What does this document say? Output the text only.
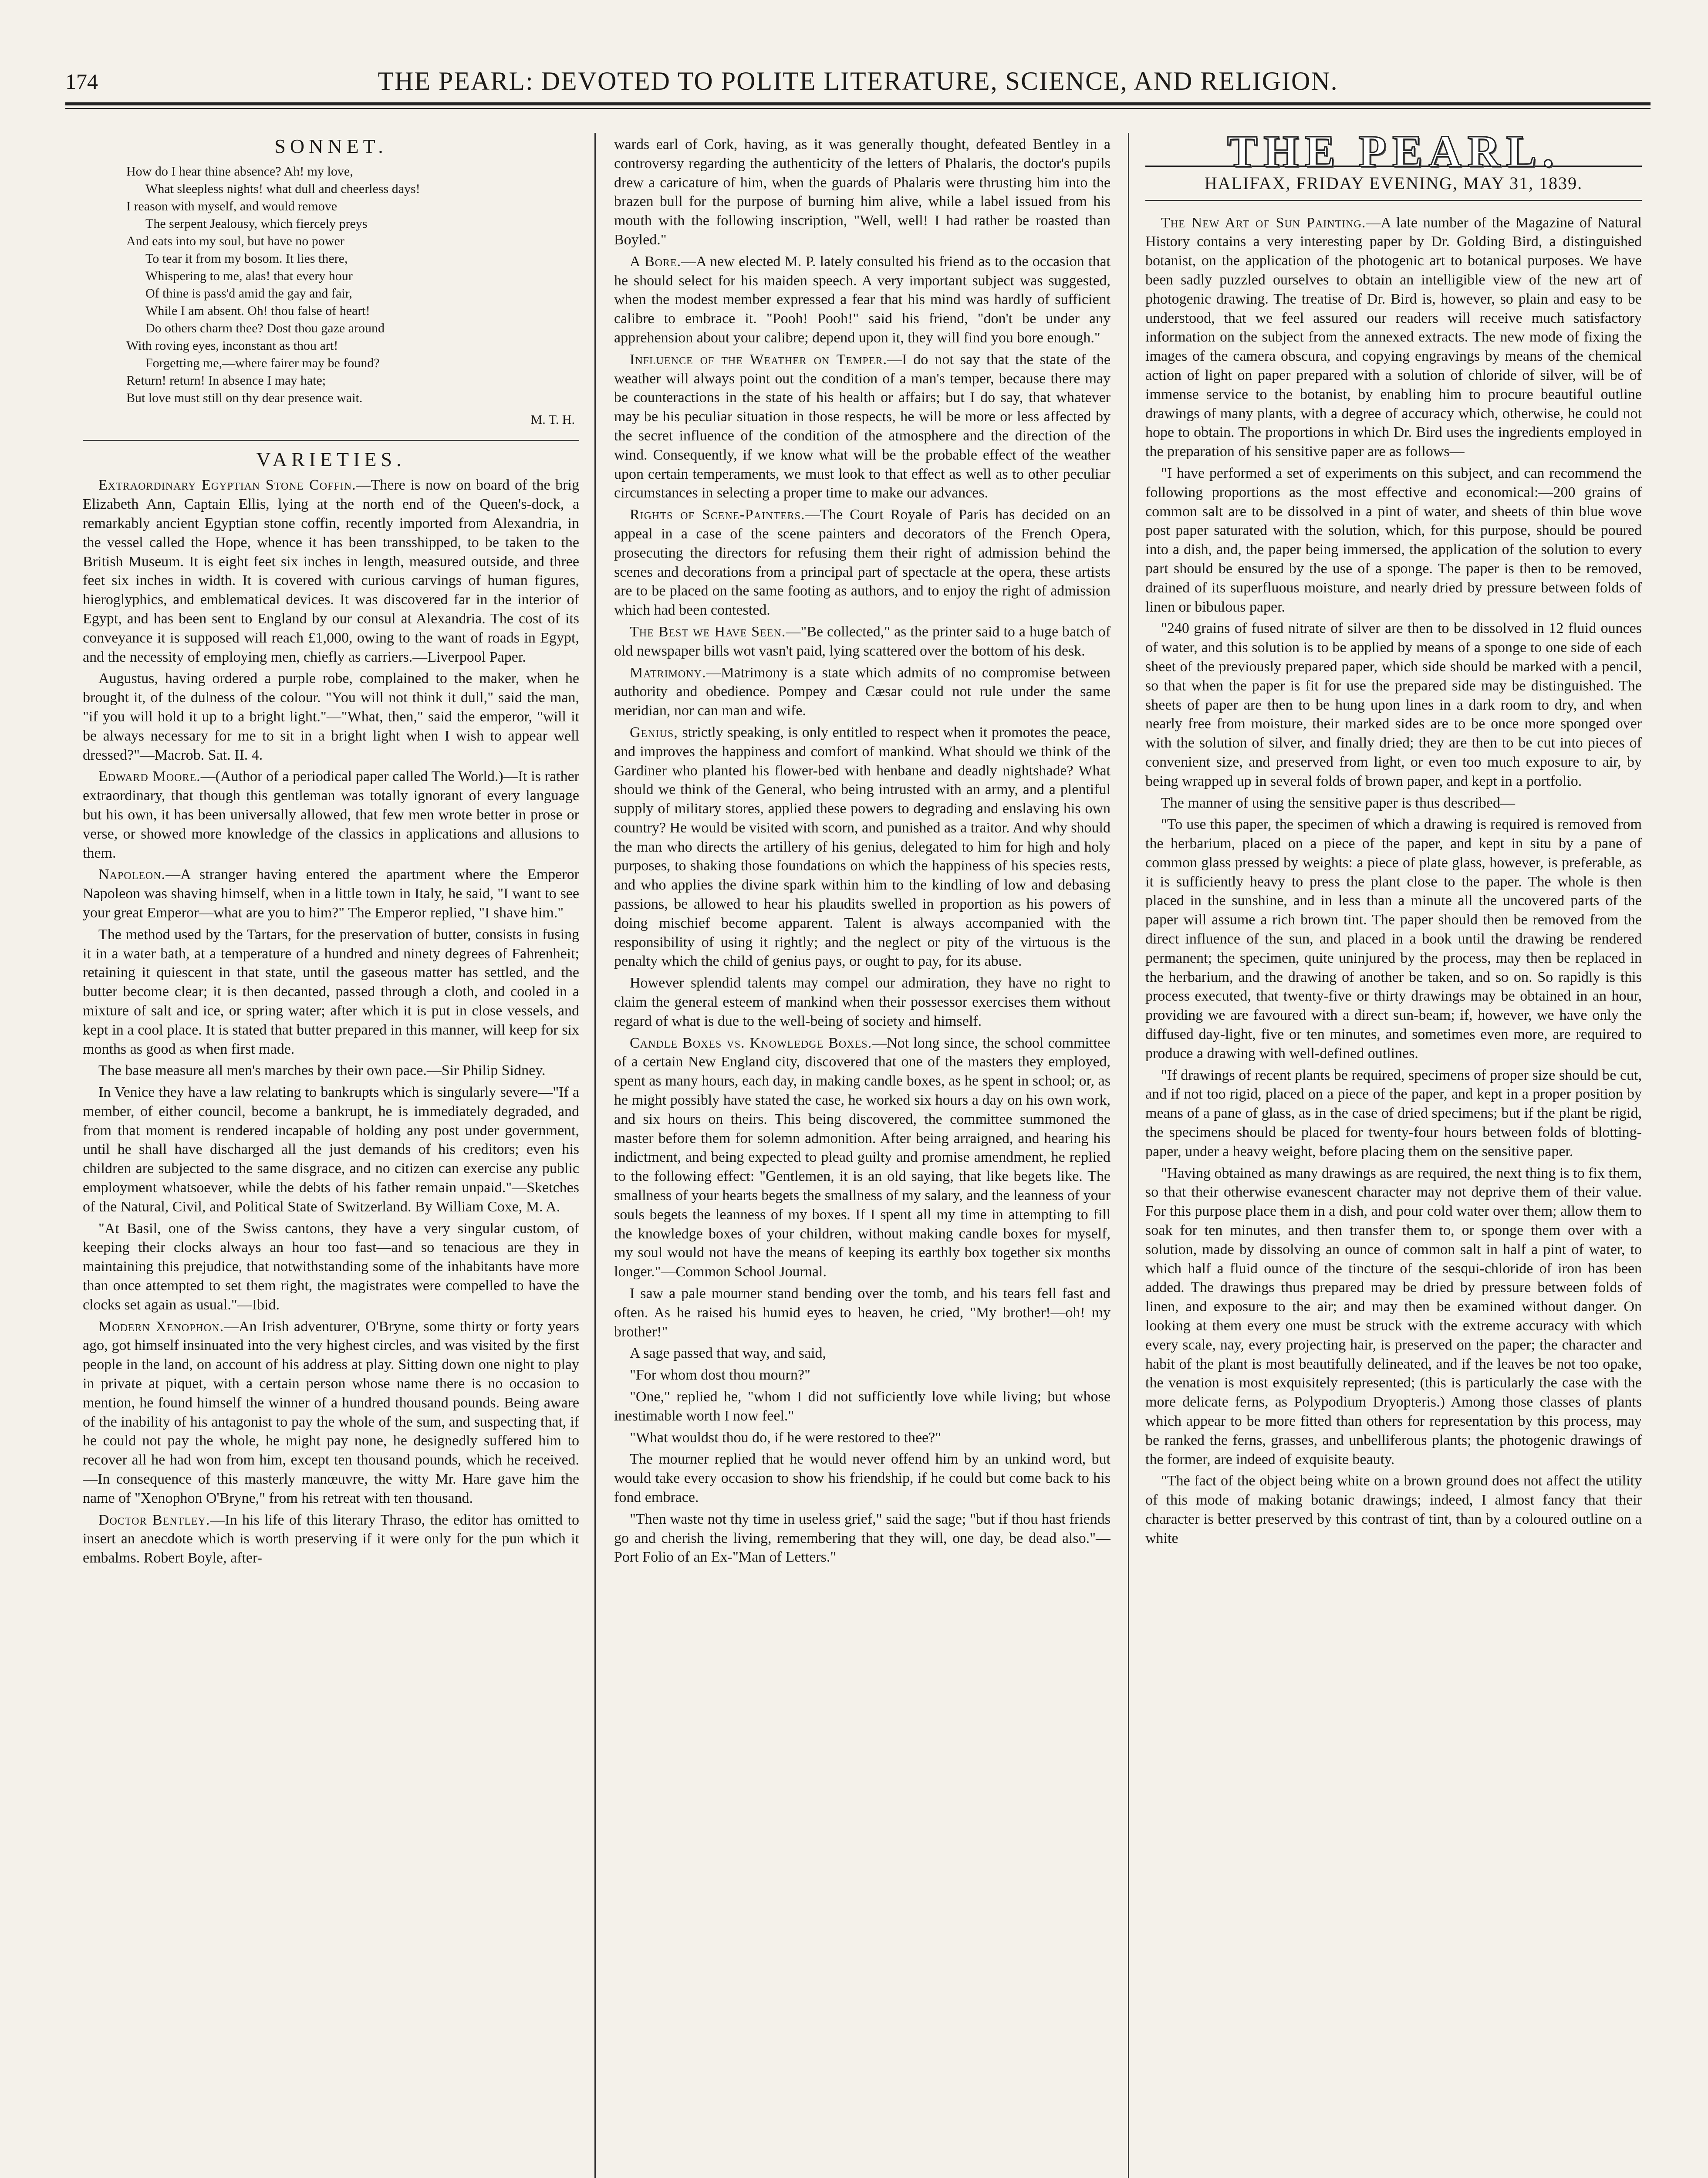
174	THE PEARL: DEVOTED TO POLITE LITERATURE, SCIENCE, AND RELIGION.
SONNET.
How do I hear thine absence? Ah! my love,
What sleepless nights! what dull and cheerless days!
I reason with myself, and would remove
The serpent Jealousy, which fiercely preys
And eats into my soul, but have no power
To tear it from my bosom. It lies there,
Whispering to me, alas! that every hour
Of thine is pass'd amid the gay and fair,
While I am absent. Oh! thou false of heart!
Do others charm thee? Dost thou gaze around
With roving eyes, inconstant as thou art!
Forgetting me,—where fairer may be found?
Return! return! In absence I may hate;
But love must still on thy dear presence wait.
M. T. H.
VARIETIES.

Extraordinary Egyptian Stone Coffin.—There is now on board of the brig Elizabeth Ann, Captain Ellis, lying at the north end of the Queen's-dock, a remarkably ancient Egyptian stone coffin, recently imported from Alexandria, in the vessel called the Hope, whence it has been transshipped, to be taken to the British Museum. It is eight feet six inches in length, measured outside, and three feet six inches in width. It is covered with curious carvings of human figures, hieroglyphics, and emblematical devices. It was discovered far in the interior of Egypt, and has been sent to England by our consul at Alexandria. The cost of its conveyance it is supposed will reach £1,000, owing to the want of roads in Egypt, and the necessity of employing men, chiefly as carriers.—Liverpool Paper.

Augustus, having ordered a purple robe, complained to the maker, when he brought it, of the dulness of the colour. "You will not think it dull," said the man, "if you will hold it up to a bright light."—"What, then," said the emperor, "will it be always necessary for me to sit in a bright light when I wish to appear well dressed?"—Macrob. Sat. II. 4.

Edward Moore.—(Author of a periodical paper called The World.)—It is rather extraordinary, that though this gentleman was totally ignorant of every language but his own, it has been universally allowed, that few men wrote better in prose or verse, or showed more knowledge of the classics in applications and allusions to them.

Napoleon.—A stranger having entered the apartment where the Emperor Napoleon was shaving himself, when in a little town in Italy, he said, "I want to see your great Emperor—what are you to him?" The Emperor replied, "I shave him."

The method used by the Tartars, for the preservation of butter, consists in fusing it in a water bath, at a temperature of a hundred and ninety degrees of Fahrenheit; retaining it quiescent in that state, until the gaseous matter has settled, and the butter become clear; it is then decanted, passed through a cloth, and cooled in a mixture of salt and ice, or spring water; after which it is put in close vessels, and kept in a cool place. It is stated that butter prepared in this manner, will keep for six months as good as when first made.

The base measure all men's marches by their own pace.—Sir Philip Sidney.

In Venice they have a law relating to bankrupts which is singularly severe—"If a member, of either council, become a bankrupt, he is immediately degraded, and from that moment is rendered incapable of holding any post under government, until he shall have discharged all the just demands of his creditors; even his children are subjected to the same disgrace, and no citizen can exercise any public employment whatsoever, while the debts of his father remain unpaid."—Sketches of the Natural, Civil, and Political State of Switzerland. By William Coxe, M. A.

"At Basil, one of the Swiss cantons, they have a very singular custom, of keeping their clocks always an hour too fast—and so tenacious are they in maintaining this prejudice, that notwithstanding some of the inhabitants have more than once attempted to set them right, the magistrates were compelled to have the clocks set again as usual."—Ibid.

Modern Xenophon.—An Irish adventurer, O'Bryne, some thirty or forty years ago, got himself insinuated into the very highest circles, and was visited by the first people in the land, on account of his address at play. Sitting down one night to play in private at piquet, with a certain person whose name there is no occasion to mention, he found himself the winner of a hundred thousand pounds. Being aware of the inability of his antagonist to pay the whole of the sum, and suspecting that, if he could not pay the whole, he might pay none, he designedly suffered him to recover all he had won from him, except ten thousand pounds, which he received.—In consequence of this masterly manœuvre, the witty Mr. Hare gave him the name of "Xenophon O'Bryne," from his retreat with ten thousand.

Doctor Bentley.—In his life of this literary Thraso, the editor has omitted to insert an anecdote which is worth preserving if it were only for the pun which it embalms. Robert Boyle, after-

wards earl of Cork, having, as it was generally thought, defeated Bentley in a controversy regarding the authenticity of the letters of Phalaris, the doctor's pupils drew a caricature of him, when the guards of Phalaris were thrusting him into the brazen bull for the purpose of burning him alive, while a label issued from his mouth with the following inscription, "Well, well! I had rather be roasted than Boyled."

A Bore.—A new elected M. P. lately consulted his friend as to the occasion that he should select for his maiden speech. A very important subject was suggested, when the modest member expressed a fear that his mind was hardly of sufficient calibre to embrace it. "Pooh! Pooh!" said his friend, "don't be under any apprehension about your calibre; depend upon it, they will find you bore enough."

Influence of the Weather on Temper.—I do not say that the state of the weather will always point out the condition of a man's temper, because there may be counteractions in the state of his health or affairs; but I do say, that whatever may be his peculiar situation in those respects, he will be more or less affected by the secret influence of the condition of the atmosphere and the direction of the wind. Consequently, if we know what will be the probable effect of the weather upon certain temperaments, we must look to that effect as well as to other peculiar circumstances in selecting a proper time to make our advances.

Rights of Scene-Painters.—The Court Royale of Paris has decided on an appeal in a case of the scene painters and decorators of the French Opera, prosecuting the directors for refusing them their right of admission behind the scenes and decorations from a principal part of spectacle at the opera, these artists are to be placed on the same footing as authors, and to enjoy the right of admission which had been contested.

The Best we Have Seen.—"Be collected," as the printer said to a huge batch of old newspaper bills wot vasn't paid, lying scattered over the bottom of his desk.

Matrimony.—Matrimony is a state which admits of no compromise between authority and obedience. Pompey and Cæsar could not rule under the same meridian, nor can man and wife.

Genius, strictly speaking, is only entitled to respect when it promotes the peace, and improves the happiness and comfort of mankind. What should we think of the Gardiner who planted his flower-bed with henbane and deadly nightshade? What should we think of the General, who being intrusted with an army, and a plentiful supply of military stores, applied these powers to degrading and enslaving his own country? He would be visited with scorn, and punished as a traitor. And why should the man who directs the artillery of his genius, delegated to him for high and holy purposes, to shaking those foundations on which the happiness of his species rests, and who applies the divine spark within him to the kindling of low and debasing passions, be allowed to hear his plaudits swelled in proportion as his powers of doing mischief become apparent. Talent is always accompanied with the responsibility of using it rightly; and the neglect or pity of the virtuous is the penalty which the child of genius pays, or ought to pay, for its abuse.

However splendid talents may compel our admiration, they have no right to claim the general esteem of mankind when their possessor exercises them without regard of what is due to the well-being of society and himself.

Candle Boxes vs. Knowledge Boxes.—Not long since, the school committee of a certain New England city, discovered that one of the masters they employed, spent as many hours, each day, in making candle boxes, as he spent in school; or, as he might possibly have stated the case, he worked six hours a day on his own work, and six hours on theirs. This being discovered, the committee summoned the master before them for solemn admonition. After being arraigned, and hearing his indictment, and being expected to plead guilty and promise amendment, he replied to the following effect: "Gentlemen, it is an old saying, that like begets like. The smallness of your hearts begets the smallness of my salary, and the leanness of your souls begets the leanness of my boxes. If I spent all my time in attempting to fill the knowledge boxes of your children, without making candle boxes for myself, my soul would not have the means of keeping its earthly box together six months longer."—Common School Journal.

I saw a pale mourner stand bending over the tomb, and his tears fell fast and often. As he raised his humid eyes to heaven, he cried, "My brother!—oh! my brother!"

A sage passed that way, and said,

"For whom dost thou mourn?"

"One," replied he, "whom I did not sufficiently love while living; but whose inestimable worth I now feel."

"What wouldst thou do, if he were restored to thee?"

The mourner replied that he would never offend him by an unkind word, but would take every occasion to show his friendship, if he could but come back to his fond embrace.

"Then waste not thy time in useless grief," said the sage; "but if thou hast friends go and cherish the living, remembering that they will, one day, be dead also."—Port Folio of an Ex-"Man of Letters."

THE PEARL.
HALIFAX, FRIDAY EVENING, MAY 31, 1839.

The New Art of Sun Painting.—A late number of the Magazine of Natural History contains a very interesting paper by Dr. Golding Bird, a distinguished botanist, on the application of the photogenic art to botanical purposes. We have been sadly puzzled ourselves to obtain an intelligible view of the new art of photogenic drawing. The treatise of Dr. Bird is, however, so plain and easy to be understood, that we feel assured our readers will receive much satisfactory information on the subject from the annexed extracts. The new mode of fixing the images of the camera obscura, and copying engravings by means of the chemical action of light on paper prepared with a solution of chloride of silver, will be of immense service to the botanist, by enabling him to procure beautiful outline drawings of many plants, with a degree of accuracy which, otherwise, he could not hope to obtain. The proportions in which Dr. Bird uses the ingredients employed in the preparation of his sensitive paper are as follows—

"I have performed a set of experiments on this subject, and can recommend the following proportions as the most effective and economical:—200 grains of common salt are to be dissolved in a pint of water, and sheets of thin blue wove post paper saturated with the solution, which, for this purpose, should be poured into a dish, and, the paper being immersed, the application of the solution to every part should be ensured by the use of a sponge. The paper is then to be removed, drained of its superfluous moisture, and nearly dried by pressure between folds of linen or bibulous paper.

"240 grains of fused nitrate of silver are then to be dissolved in 12 fluid ounces of water, and this solution is to be applied by means of a sponge to one side of each sheet of the previously prepared paper, which side should be marked with a pencil, so that when the paper is fit for use the prepared side may be distinguished. The sheets of paper are then to be hung upon lines in a dark room to dry, and when nearly free from moisture, their marked sides are to be once more sponged over with the solution of silver, and finally dried; they are then to be cut into pieces of convenient size, and preserved from light, or even too much exposure to air, by being wrapped up in several folds of brown paper, and kept in a portfolio.

The manner of using the sensitive paper is thus described—

"To use this paper, the specimen of which a drawing is required is removed from the herbarium, placed on a piece of the paper, and kept in situ by a pane of common glass pressed by weights: a piece of plate glass, however, is preferable, as it is sufficiently heavy to press the plant close to the paper. The whole is then placed in the sunshine, and in less than a minute all the uncovered parts of the paper will assume a rich brown tint. The paper should then be removed from the direct influence of the sun, and placed in a book until the drawing be rendered permanent; the specimen, quite uninjured by the process, may then be replaced in the herbarium, and the drawing of another be taken, and so on. So rapidly is this process executed, that twenty-five or thirty drawings may be obtained in an hour, providing we are favoured with a direct sun-beam; if, however, we have only the diffused day-light, five or ten minutes, and sometimes even more, are required to produce a drawing with well-defined outlines.

"If drawings of recent plants be required, specimens of proper size should be cut, and if not too rigid, placed on a piece of the paper, and kept in a proper position by means of a pane of glass, as in the case of dried specimens; but if the plant be rigid, the specimens should be placed for twenty-four hours between folds of blotting-paper, under a heavy weight, before placing them on the sensitive paper.

"Having obtained as many drawings as are required, the next thing is to fix them, so that their otherwise evanescent character may not deprive them of their value. For this purpose place them in a dish, and pour cold water over them; allow them to soak for ten minutes, and then transfer them to, or sponge them over with a solution, made by dissolving an ounce of common salt in half a pint of water, to which half a fluid ounce of the tincture of the sesqui-chloride of iron has been added. The drawings thus prepared may be dried by pressure between folds of linen, and exposure to the air; and may then be examined without danger. On looking at them every one must be struck with the extreme accuracy with which every scale, nay, every projecting hair, is preserved on the paper; the character and habit of the plant is most beautifully delineated, and if the leaves be not too opake, the venation is most exquisitely represented; (this is particularly the case with the more delicate ferns, as Polypodium Dryopteris.) Among those classes of plants which appear to be more fitted than others for representation by this process, may be ranked the ferns, grasses, and unbelliferous plants; the photogenic drawings of the former, are indeed of exquisite beauty.

"The fact of the object being white on a brown ground does not affect the utility of this mode of making botanic drawings; indeed, I almost fancy that their character is better preserved by this contrast of tint, than by a coloured outline on a white
